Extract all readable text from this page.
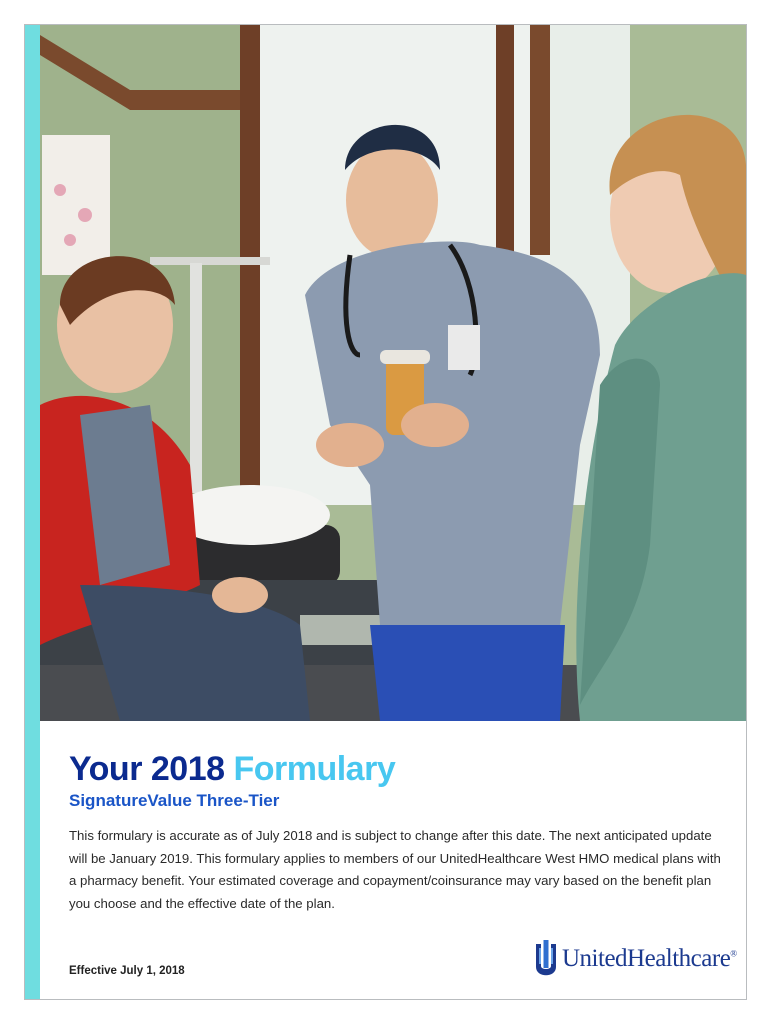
Your 2018 Formulary
SignatureValue Three-Tier

This formulary is accurate as of July 2018 and is subject to change after this date. The next anticipated update will be January 2019. This formulary applies to members of our UnitedHealthcare West HMO medical plans with a pharmacy benefit. Your estimated coverage and copayment/coinsurance may vary based on the benefit plan you choose and the effective date of the plan.

Effective July 1, 2018	UnitedHealthcare®
